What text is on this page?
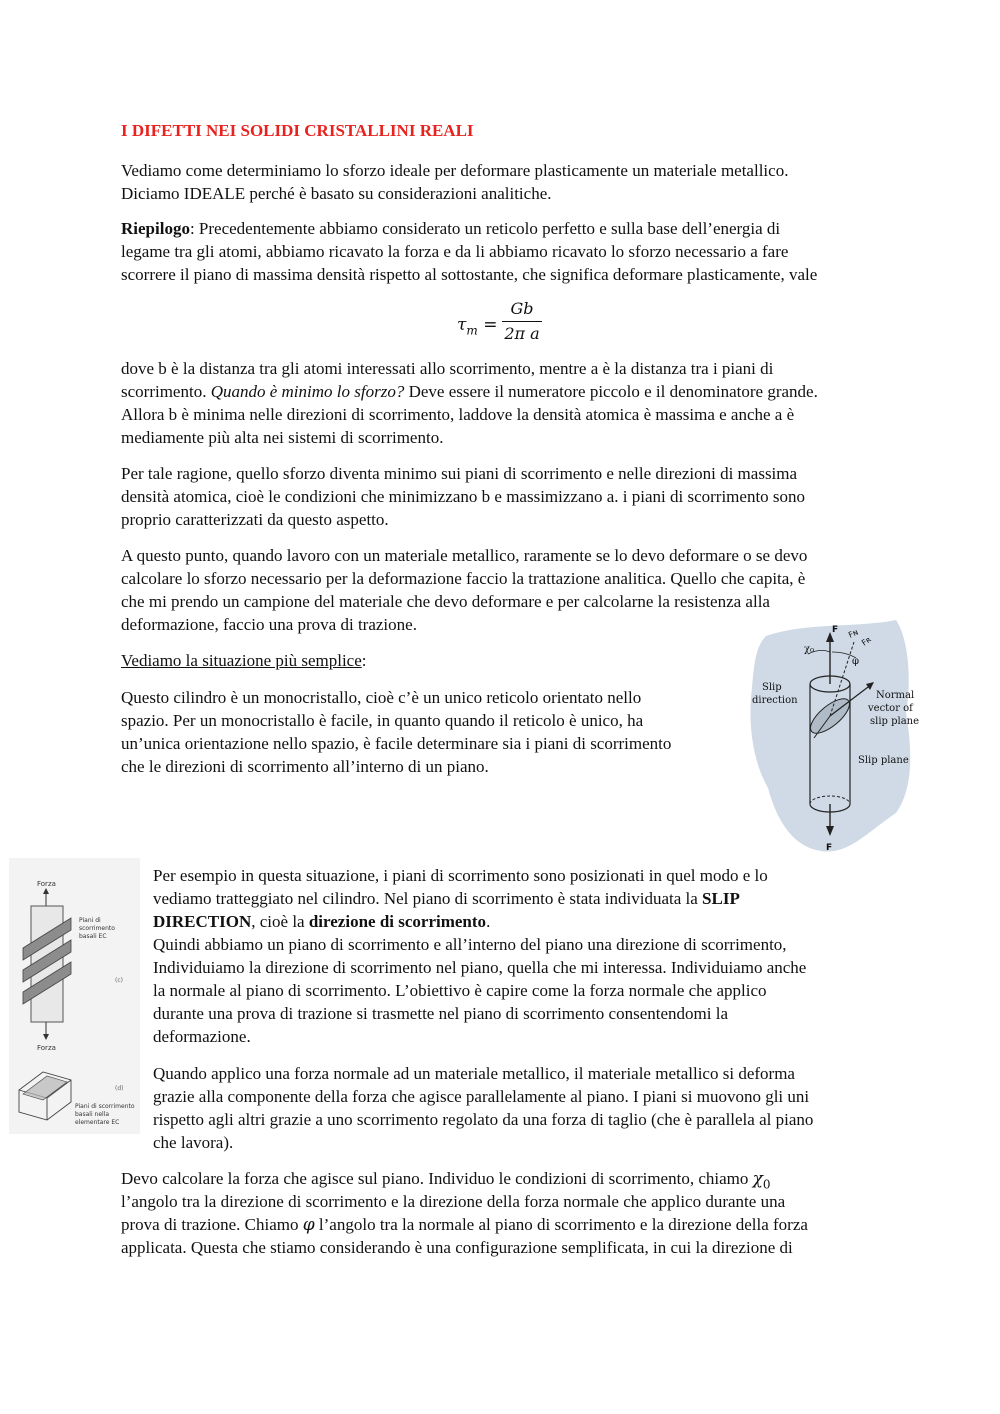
I DIFETTI NEI SOLIDI CRISTALLINI REALI
Vediamo come determiniamo lo sforzo ideale per deformare plasticamente un materiale metallico.
Diciamo IDEALE perché è basato su considerazioni analitiche.
Riepilogo: Precedentemente abbiamo considerato un reticolo perfetto e sulla base dell’energia di
legame tra gli atomi, abbiamo ricavato la forza e da li abbiamo ricavato lo sforzo necessario a fare
scorrere il piano di massima densità rispetto al sottostante, che significa deformare plasticamente, vale
$\tau_m$ =
Gb
2π a
dove b è la distanza tra gli atomi interessati allo scorrimento, mentre a è la distanza tra i piani di
scorrimento. Quando è minimo lo sforzo? Deve essere il numeratore piccolo e il denominatore grande.
Allora b è minima nelle direzioni di scorrimento, laddove la densità atomica è massima e anche a è
mediamente più alta nei sistemi di scorrimento.
Per tale ragione, quello sforzo diventa minimo sui piani di scorrimento e nelle direzioni di massima
densità atomica, cioè le condizioni che minimizzano b e massimizzano a. i piani di scorrimento sono
proprio caratterizzati da questo aspetto.
A questo punto, quando lavoro con un materiale metallico, raramente se lo devo deformare o se devo
calcolare lo sforzo necessario per la deformazione faccio la trattazione analitica. Quello che capita, è
che mi prendo un campione del materiale che devo deformare e per calcolarne la resistenza alla
deformazione, faccio una prova di trazione.
Vediamo la situazione più semplice:
Questo cilindro è un monocristallo, cioè c’è un unico reticolo orientato nello
spazio. Per un monocristallo è facile, in quanto quando il reticolo è unico, ha
un’unica orientazione nello spazio, è facile determinare sia i piani di scorrimento
che le direzioni di scorrimento all’interno di un piano.
F
F
χ₀
φ
Fɴ
Fʀ
Slip
direction	Normal
vector of
slip plane
Slip plane
Forza
Piani di
scorrimento
basali EC
(c)
Forza
(d)
Piani di scorrimento
basali nella
elementare EC
Per esempio in questa situazione, i piani di scorrimento sono posizionati in quel modo e lo
vediamo tratteggiato nel cilindro. Nel piano di scorrimento è stata individuata la SLIP
DIRECTION, cioè la direzione di scorrimento.
Quindi abbiamo un piano di scorrimento e all’interno del piano una direzione di scorrimento,
Individuiamo la direzione di scorrimento nel piano, quella che mi interessa. Individuiamo anche
la normale al piano di scorrimento. L’obiettivo è capire come la forza normale che applico
durante una prova di trazione si trasmette nel piano di scorrimento consentendomi la
deformazione.
Quando applico una forza normale ad un materiale metallico, il materiale metallico si deforma
grazie alla componente della forza che agisce parallelamente al piano. I piani si muovono gli uni
rispetto agli altri grazie a uno scorrimento regolato da una forza di taglio (che è parallela al piano
che lavora).
Devo calcolare la forza che agisce sul piano. Individuo le condizioni di scorrimento, chiamo $\chi_0$
l’angolo tra la direzione di scorrimento e la direzione della forza normale che applico durante una
prova di trazione. Chiamo φ l’angolo tra la normale al piano di scorrimento e la direzione della forza
applicata. Questa che stiamo considerando è una configurazione semplificata, in cui la direzione di
